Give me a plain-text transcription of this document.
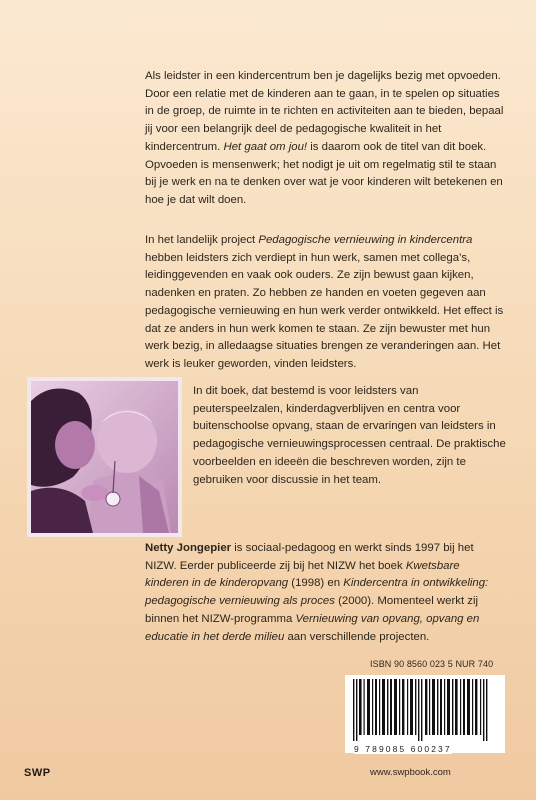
Als leidster in een kindercentrum ben je dagelijks bezig met opvoeden. Door een relatie met de kinderen aan te gaan, in te spelen op situaties in de groep, de ruimte in te richten en activiteiten aan te bieden, bepaal jij voor een belangrijk deel de pedagogische kwaliteit in het kindercentrum. Het gaat om jou! is daarom ook de titel van dit boek. Opvoeden is mensenwerk; het nodigt je uit om regelmatig stil te staan bij je werk en na te denken over wat je voor kinderen wilt betekenen en hoe je dat wilt doen.

In het landelijk project Pedagogische vernieuwing in kindercentra hebben leidsters zich verdiept in hun werk, samen met collega’s, leidinggevenden en vaak ook ouders. Ze zijn bewust gaan kijken, nadenken en praten. Zo hebben ze handen en voeten gegeven aan pedagogische vernieuwing en hun werk verder ontwikkeld. Het effect is dat ze anders in hun werk komen te staan. Ze zijn bewuster met hun werk bezig, in alledaagse situaties brengen ze veranderingen aan. Het werk is leuker geworden, vinden leidsters.

In dit boek, dat bestemd is voor leidsters van peuterspeelzalen, kinderdagverblijven en centra voor buitenschoolse opvang, staan de ervaringen van leidsters in pedagogische vernieuwingsprocessen centraal. De praktische voorbeelden en ideeën die beschreven worden, zijn te gebruiken voor discussie in het team.

Netty Jongepier is sociaal-pedagoog en werkt sinds 1997 bij het NIZW. Eerder publiceerde zij bij het NIZW het boek Kwetsbare kinderen in de kinderopvang (1998) en Kindercentra in ontwikkeling: pedagogische vernieuwing als proces (2000). Momenteel werkt zij binnen het NIZW-programma Vernieuwing van opvang, opvang en educatie in het derde milieu aan verschillende projecten.

ISBN 90 8560 023 5 NUR 740
9 789085 600237
SWP	www.swpbook.com
